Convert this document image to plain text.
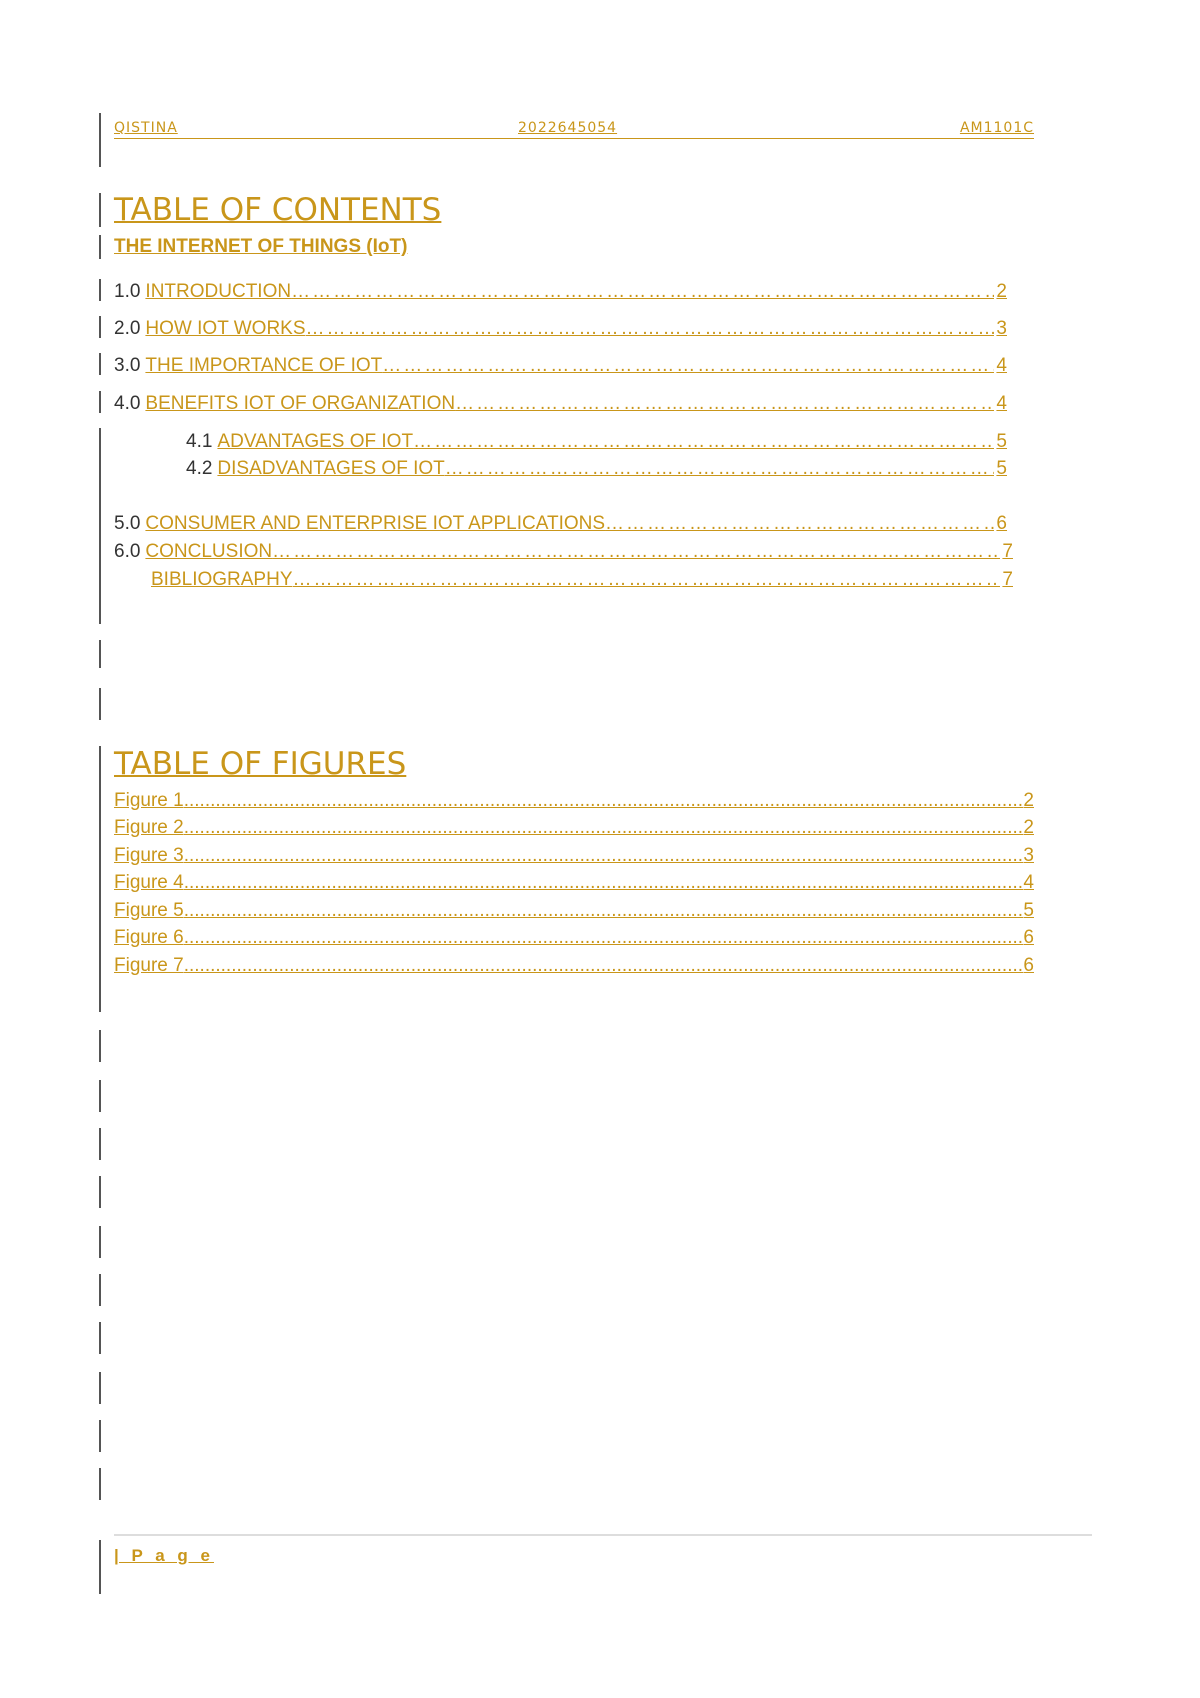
QISTINA	2022645054	AM1101C
TABLE OF CONTENTS
THE INTERNET OF THINGS (IoT)
1.0 INTRODUCTION …………………………………………………………………………………………………………………………………………………………………………	2
2.0 HOW IOT WORKS …………………………………………………………………………………………………………………………………………………………………………	3
3.0 THE IMPORTANCE OF IOT …………………………………………………………………………………………………………………………………………………………………………	4
4.0 BENEFITS IOT OF ORGANIZATION …………………………………………………………………………………………………………………………………………………………………………	4
4.1 ADVANTAGES OF IOT …………………………………………………………………………………………………………………………………………………………………………	5
4.2 DISADVANTAGES OF IOT …………………………………………………………………………………………………………………………………………………………………………	5
5.0 CONSUMER AND ENTERPRISE IOT APPLICATIONS …………………………………………………………………………………………………………………………………………………………………………	6
6.0 CONCLUSION …………………………………………………………………………………………………………………………………………………………………………	7
BIBLIOGRAPHY …………………………………………………………………………………………………………………………………………………………………………	7
TABLE OF FIGURES
Figure 1 .....	2
Figure 2 .....	2
Figure 3 .....	3
Figure 4 .....	4
Figure 5 .....	5
Figure 6 .....	6
Figure 7 .....	6
| P a g e
